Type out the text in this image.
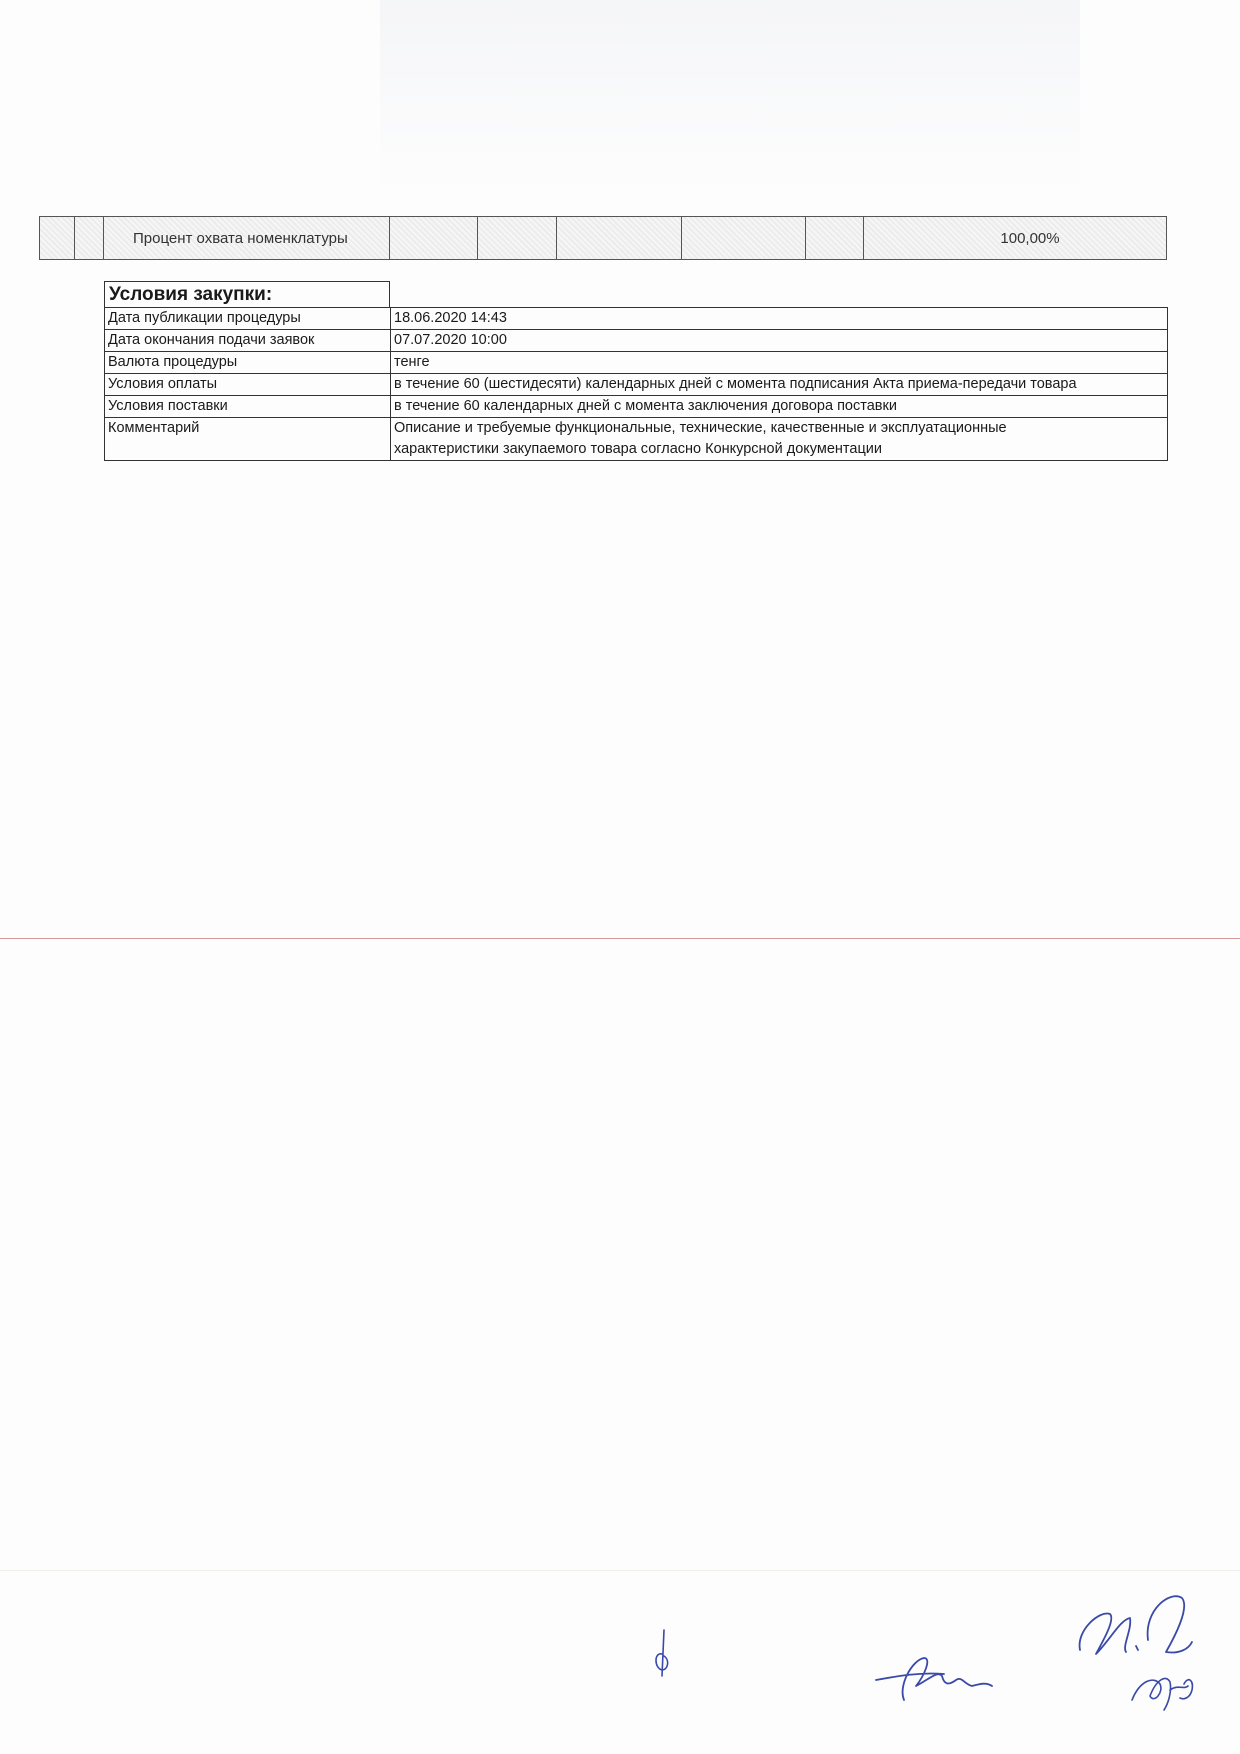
Процент охвата номенклатуры	100,00%
Условия закупки:
Дата публикации процедуры	18.06.2020 14:43
Дата окончания подачи заявок	07.07.2020 10:00
Валюта процедуры	тенге
Условия оплаты	в течение 60 (шестидесяти) календарных дней с момента подписания Акта приема-передачи товара
Условия поставки	в течение 60 календарных дней с момента заключения договора поставки
Комментарий	Описание и требуемые функциональные, технические, качественные и эксплуатационные
характеристики закупаемого товара согласно Конкурсной документации
